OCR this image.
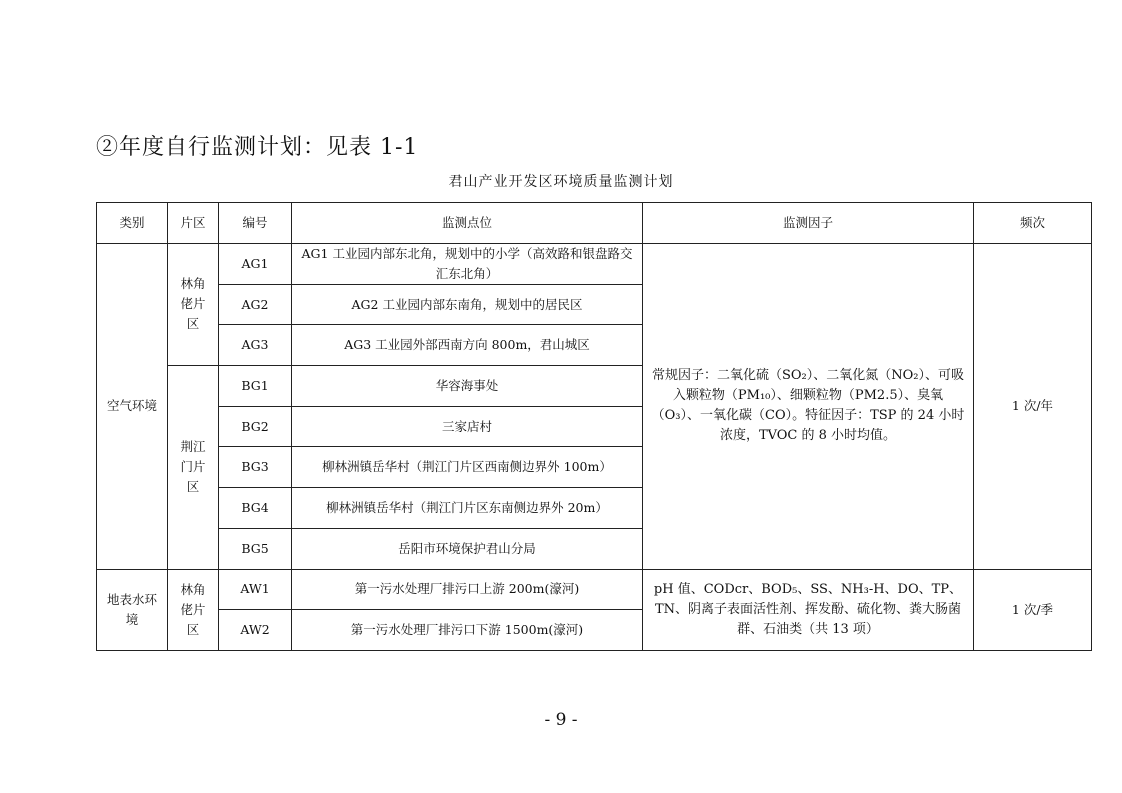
②年度自行监测计划：见表 1-1
君山产业开发区环境质量监测计划
类别	片区	编号	监测点位	监测因子	频次
空气环境	林角佬片区	AG1	AG1 工业园内部东北角，规划中的小学（高效路和银盘路交汇东北角）	常规因子：二氧化硫（SO₂）、二氧化氮（NO₂）、可吸入颗粒物（PM₁₀）、细颗粒物（PM2.5）、臭氧（O₃）、一氧化碳（CO）。特征因子：TSP 的 24 小时浓度，TVOC 的 8 小时均值。	1 次/年
		AG2	AG2 工业园内部东南角，规划中的居民区		
		AG3	AG3 工业园外部西南方向 800m，君山城区		
	荆江门片区	BG1	华容海事处		
		BG2	三家店村		
		BG3	柳林洲镇岳华村（荆江门片区西南侧边界外 100m）		
		BG4	柳林洲镇岳华村（荆江门片区东南侧边界外 20m）		
		BG5	岳阳市环境保护君山分局		
地表水环境	林角佬片区	AW1	第一污水处理厂排污口上游 200m(濠河)	pH 值、CODcr、BOD₅、SS、NH₃-H、DO、TP、TN、阴离子表面活性剂、挥发酚、硫化物、粪大肠菌群、石油类（共 13 项）	1 次/季
		AW2	第一污水处理厂排污口下游 1500m(濠河)		
- 9 -
